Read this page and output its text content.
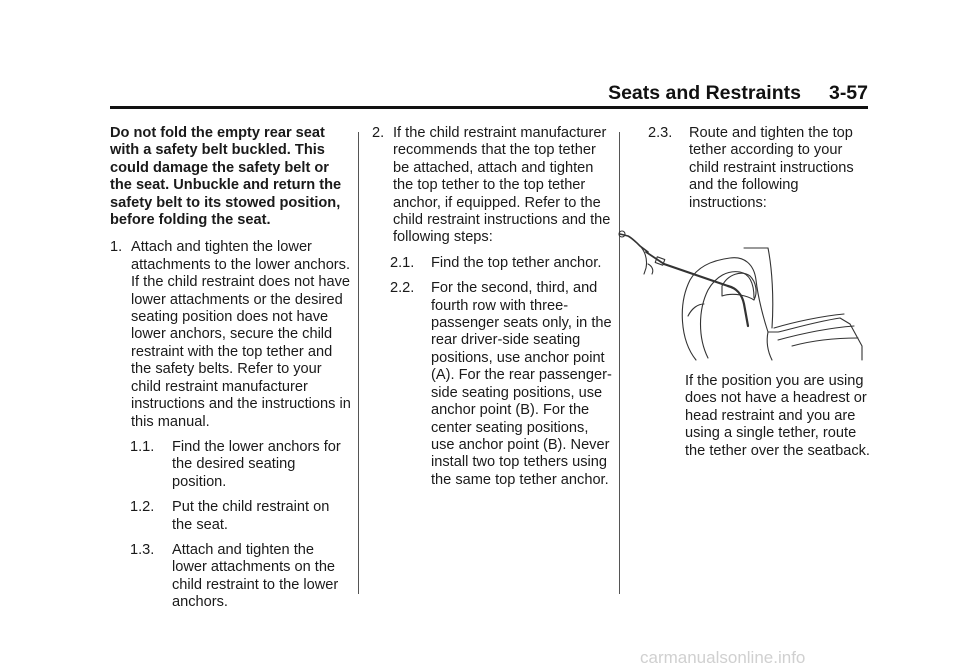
Seats and Restraints 3-57

Do not fold the empty rear seat with a safety belt buckled. This could damage the safety belt or the seat. Unbuckle and return the safety belt to its stowed position, before folding the seat.

1. Attach and tighten the lower attachments to the lower anchors. If the child restraint does not have lower attachments or the desired seating position does not have lower anchors, secure the child restraint with the top tether and the safety belts. Refer to your child restraint manufacturer instructions and the instructions in this manual.
1.1. Find the lower anchors for the desired seating position.
1.2. Put the child restraint on the seat.
1.3. Attach and tighten the lower attachments on the child restraint to the lower anchors.
2. If the child restraint manufacturer recommends that the top tether be attached, attach and tighten the top tether to the top tether anchor, if equipped. Refer to the child restraint instructions and the following steps:
2.1. Find the top tether anchor.
2.2. For the second, third, and fourth row with three-passenger seats only, in the rear driver-side seating positions, use anchor point (A). For the rear passenger-side seating positions, use anchor point (B). For the center seating positions, use anchor point (B). Never install two top tethers using the same top tether anchor.
2.3. Route and tighten the top tether according to your child restraint instructions and the following instructions:
If the position you are using does not have a headrest or head restraint and you are using a single tether, route the tether over the seatback.
carmanualsonline.info
